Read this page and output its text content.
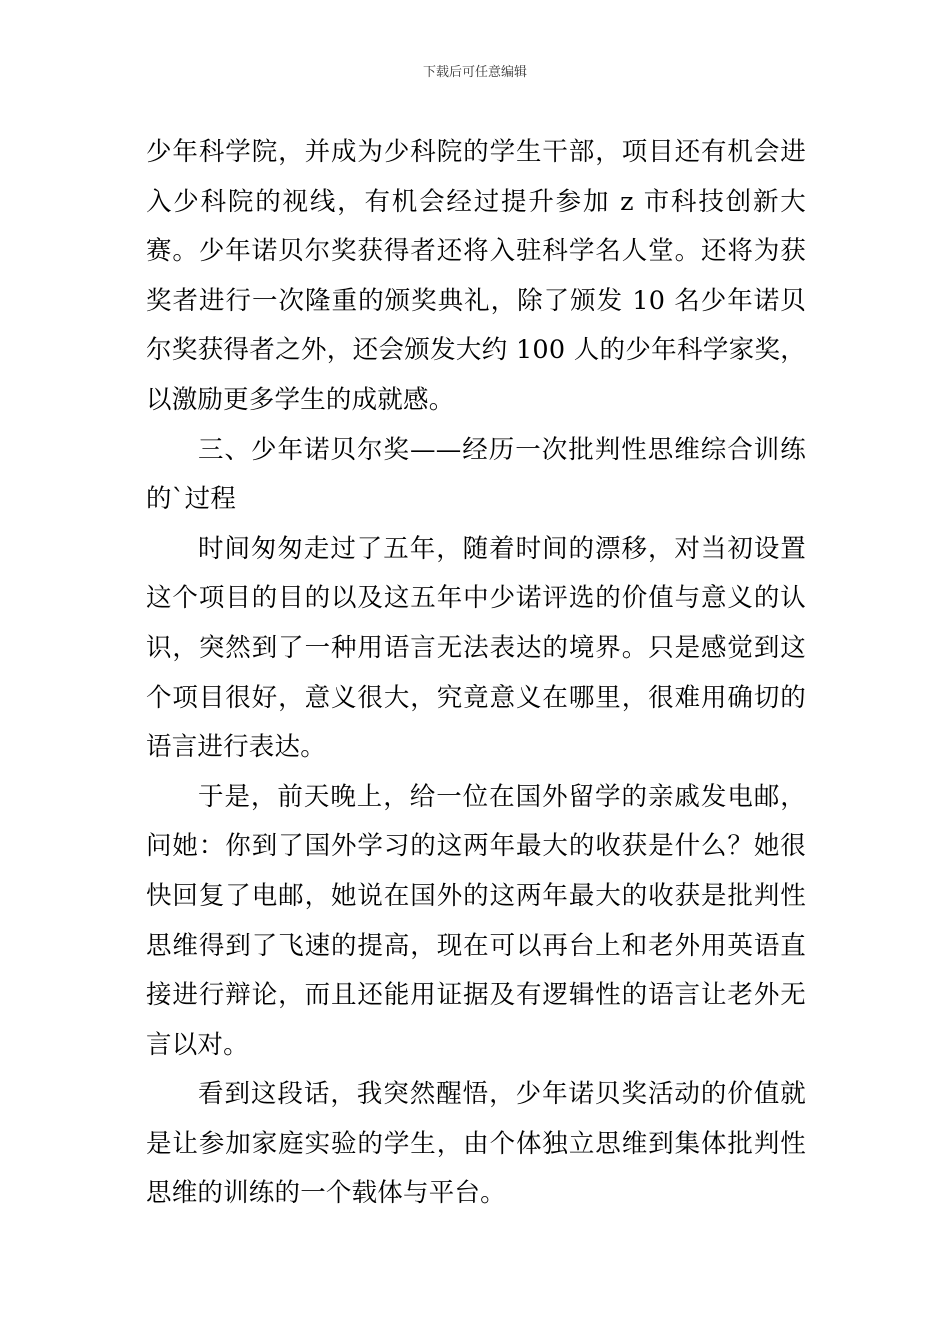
下载后可任意编辑

少年科学院，并成为少科院的学生干部，项目还有机会进入少科院的视线，有机会经过提升参加 z 市科技创新大赛。少年诺贝尔奖获得者还将入驻科学名人堂。还将为获奖者进行一次隆重的颁奖典礼，除了颁发 10 名少年诺贝尔奖获得者之外，还会颁发大约 100 人的少年科学家奖，以激励更多学生的成就感。

三、少年诺贝尔奖——经历一次批判性思维综合训练的`过程

时间匆匆走过了五年，随着时间的漂移，对当初设置这个项目的目的以及这五年中少诺评选的价值与意义的认识，突然到了一种用语言无法表达的境界。只是感觉到这个项目很好，意义很大，究竟意义在哪里，很难用确切的语言进行表达。

于是，前天晚上，给一位在国外留学的亲戚发电邮，问她：你到了国外学习的这两年最大的收获是什么？她很快回复了电邮，她说在国外的这两年最大的收获是批判性思维得到了飞速的提高，现在可以再台上和老外用英语直接进行辩论，而且还能用证据及有逻辑性的语言让老外无言以对。

看到这段话，我突然醒悟，少年诺贝奖活动的价值就是让参加家庭实验的学生，由个体独立思维到集体批判性思维的训练的一个载体与平台。
